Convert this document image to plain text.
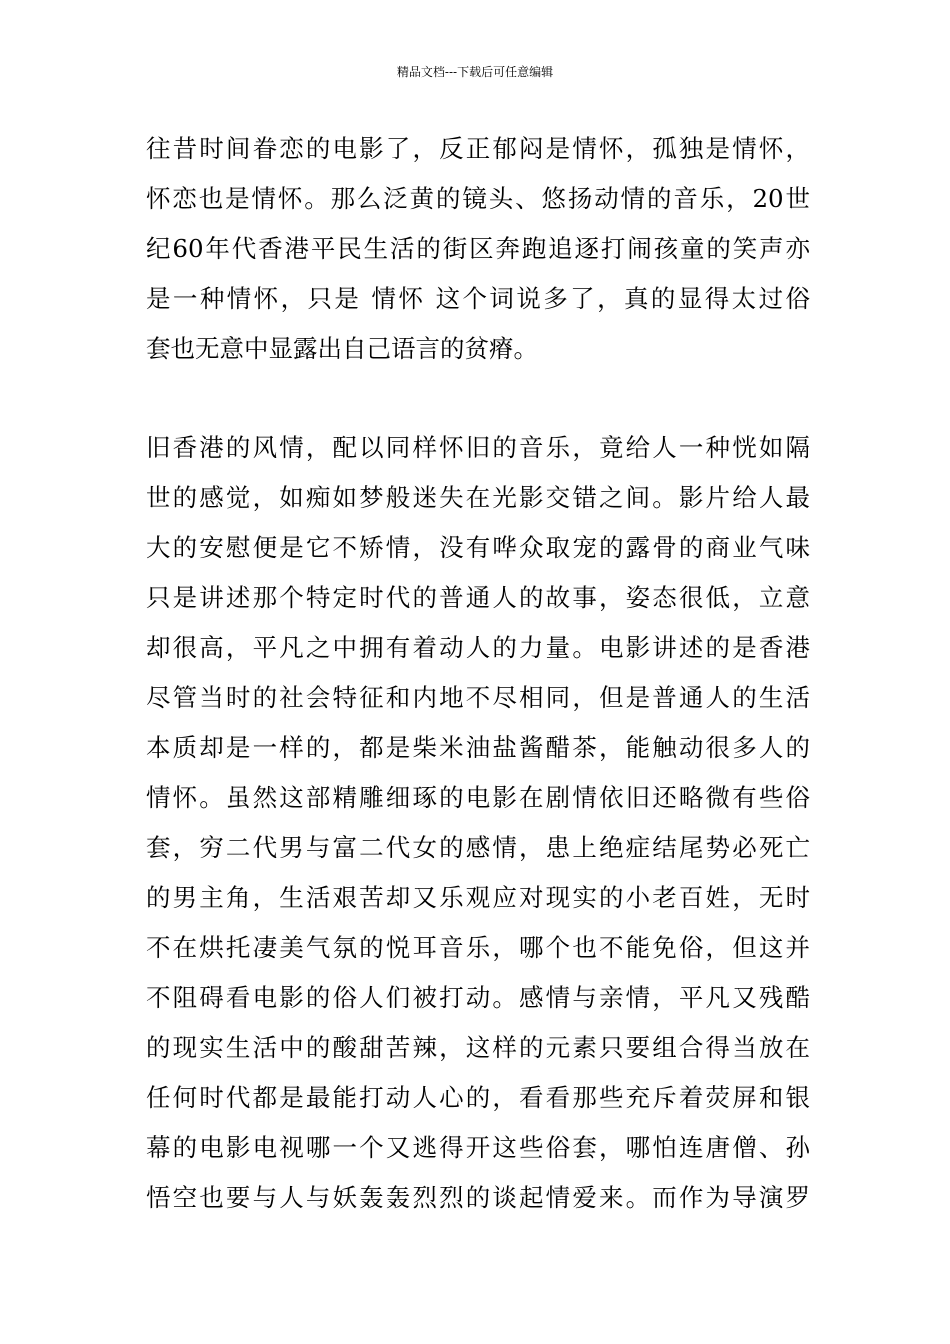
精品文档---下载后可任意编辑
往昔时间眷恋的电影了，反正郁闷是情怀，孤独是情怀，
怀恋也是情怀。那么泛黄的镜头、悠扬动情的音乐，20世
纪60年代香港平民生活的街区奔跑追逐打闹孩童的笑声亦
是一种情怀，只是 情怀 这个词说多了，真的显得太过俗
套也无意中显露出自己语言的贫瘠。
旧香港的风情，配以同样怀旧的音乐，竟给人一种恍如隔
世的感觉，如痴如梦般迷失在光影交错之间。影片给人最
大的安慰便是它不矫情，没有哗众取宠的露骨的商业气味
只是讲述那个特定时代的普通人的故事，姿态很低，立意
却很高，平凡之中拥有着动人的力量。电影讲述的是香港
尽管当时的社会特征和内地不尽相同，但是普通人的生活
本质却是一样的，都是柴米油盐酱醋茶，能触动很多人的
情怀。虽然这部精雕细琢的电影在剧情依旧还略微有些俗
套，穷二代男与富二代女的感情，患上绝症结尾势必死亡
的男主角，生活艰苦却又乐观应对现实的小老百姓，无时
不在烘托凄美气氛的悦耳音乐，哪个也不能免俗，但这并
不阻碍看电影的俗人们被打动。感情与亲情，平凡又残酷
的现实生活中的酸甜苦辣，这样的元素只要组合得当放在
任何时代都是最能打动人心的，看看那些充斥着荧屏和银
幕的电影电视哪一个又逃得开这些俗套，哪怕连唐僧、孙
悟空也要与人与妖轰轰烈烈的谈起情爱来。而作为导演罗
